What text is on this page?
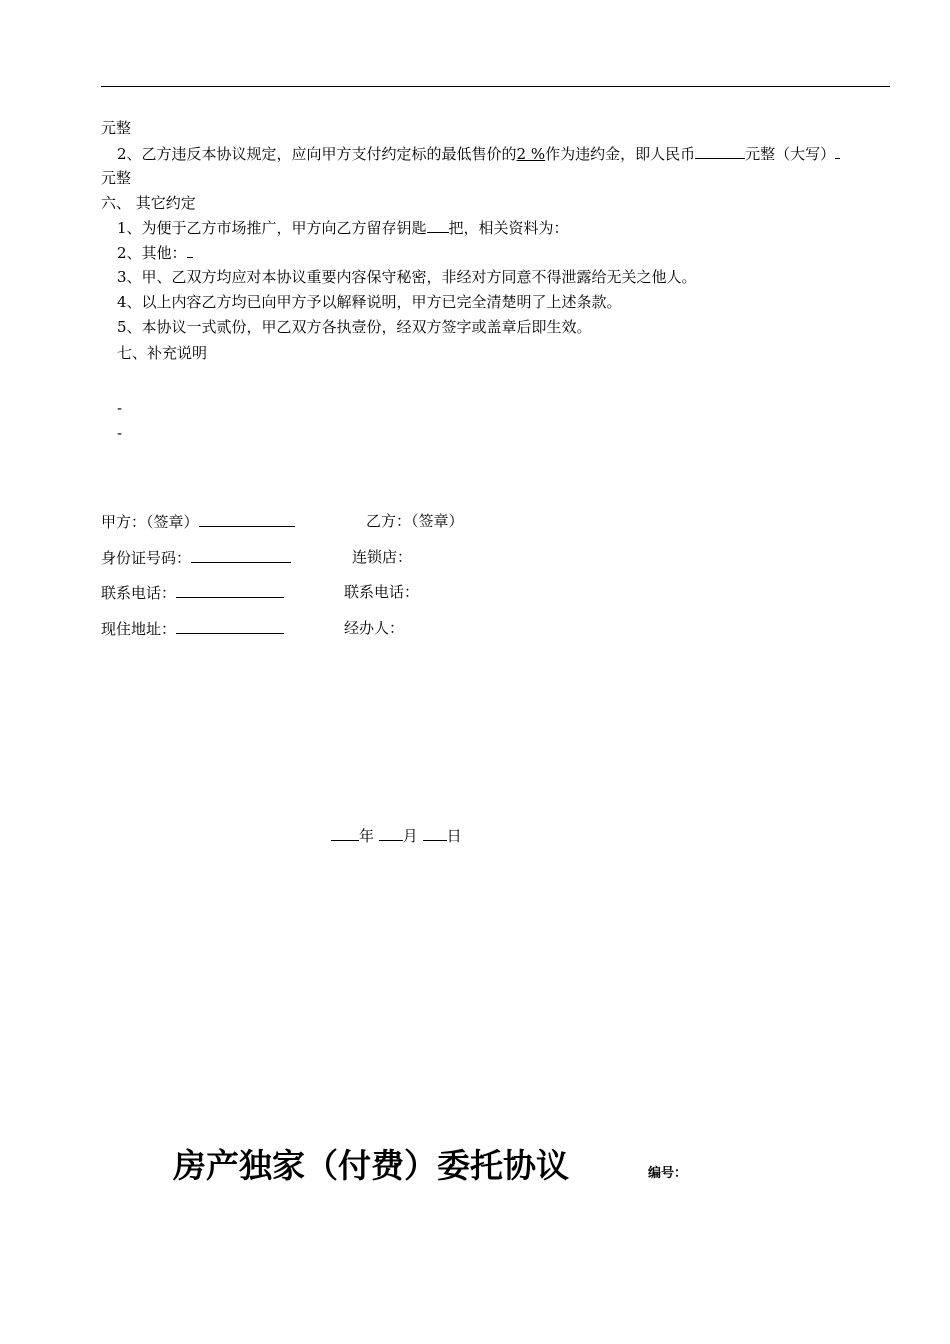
元整
2、乙方违反本协议规定，应向甲方支付约定标的最低售价的2 %作为违约金，即人民币	元整（大写）
元整
六、 其它约定
1、为便于乙方市场推广，甲方向乙方留存钥匙 把，相关资料为：
2、其他：
3、甲、乙双方均应对本协议重要内容保守秘密，非经对方同意不得泄露给无关之他人。
4、以上内容乙方均已向甲方予以解释说明，甲方已完全清楚明了上述条款。
5、本协议一式贰份，甲乙双方各执壹份，经双方签字或盖章后即生效。
七、补充说明
-
-
甲方：（签章）	乙方：（签章）
身份证号码：	连锁店：
联系电话：	联系电话：
现住地址：	经办人：
年 月 日
房产独家（付费）委托协议	编号：
